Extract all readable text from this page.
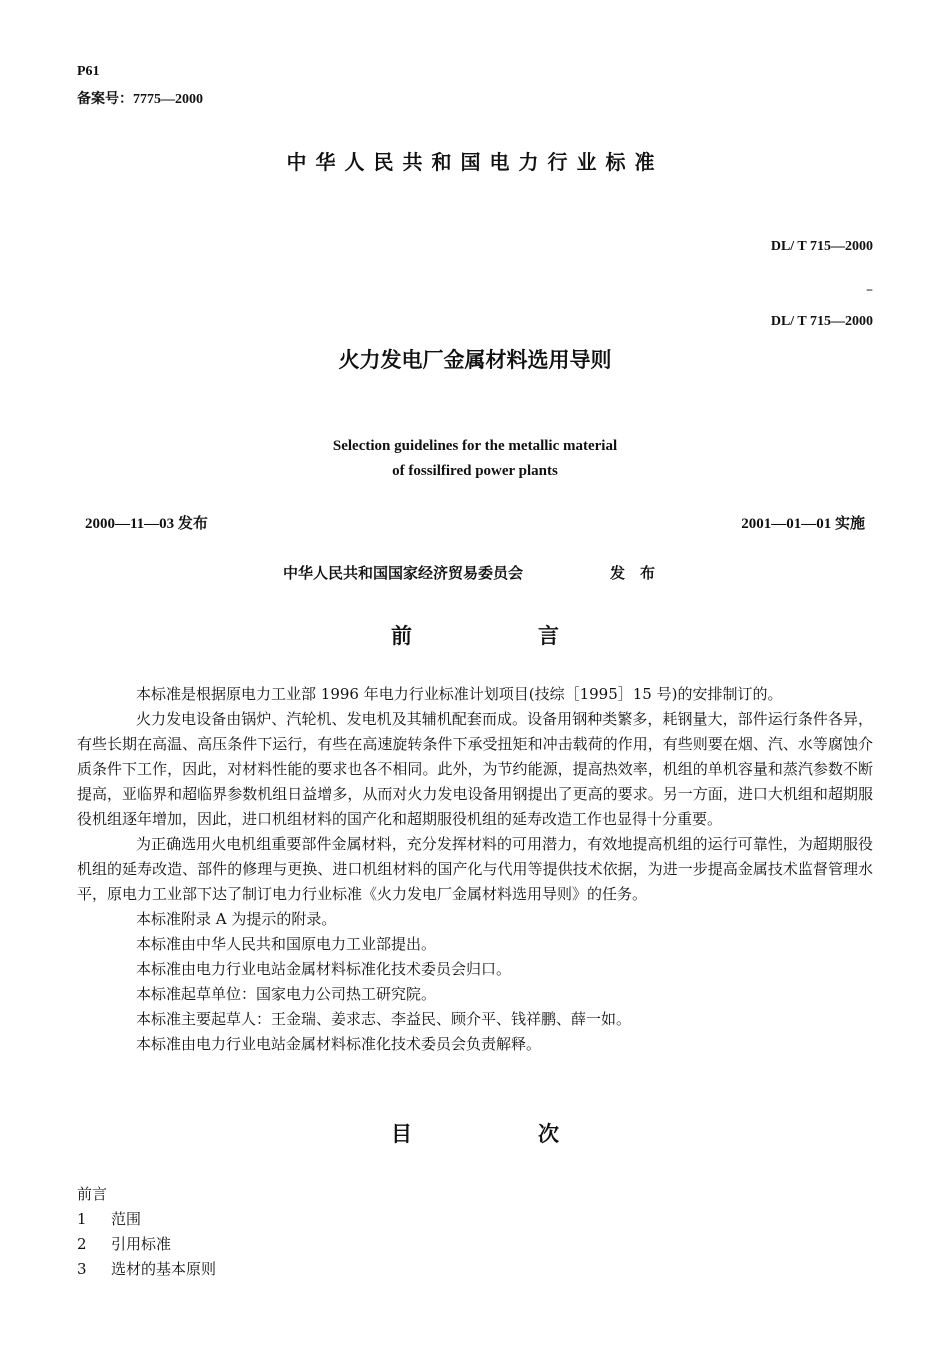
P61
备案号：7775—2000
中华人民共和国电力行业标准
DL/ T 715—2000
–
DL/ T 715—2000
火力发电厂金属材料选用导则
Selection guidelines for the metallic material
of fossilfired power plants
2000—11—03 发布	2001—01—01 实施
中华人民共和国国家经济贸易委员会	发　布
前	言

本标准是根据原电力工业部 1996 年电力行业标准计划项目(技综［1995］15 号)的安排制订的。

火力发电设备由锅炉、汽轮机、发电机及其辅机配套而成。设备用钢种类繁多，耗钢量大，部件运行条件各异，有些长期在高温、高压条件下运行，有些在高速旋转条件下承受扭矩和冲击载荷的作用，有些则要在烟、汽、水等腐蚀介质条件下工作，因此，对材料性能的要求也各不相同。此外，为节约能源，提高热效率，机组的单机容量和蒸汽参数不断提高，亚临界和超临界参数机组日益增多，从而对火力发电设备用钢提出了更高的要求。另一方面，进口大机组和超期服役机组逐年增加，因此，进口机组材料的国产化和超期服役机组的延寿改造工作也显得十分重要。

为正确选用火电机组重要部件金属材料，充分发挥材料的可用潜力，有效地提高机组的运行可靠性，为超期服役机组的延寿改造、部件的修理与更换、进口机组材料的国产化与代用等提供技术依据，为进一步提高金属技术监督管理水平，原电力工业部下达了制订电力行业标准《火力发电厂金属材料选用导则》的任务。

本标准附录 A 为提示的附录。

本标准由中华人民共和国原电力工业部提出。

本标准由电力行业电站金属材料标准化技术委员会归口。

本标准起草单位：国家电力公司热工研究院。

本标准主要起草人：王金瑞、姜求志、李益民、顾介平、钱祥鹏、薛一如。

本标准由电力行业电站金属材料标准化技术委员会负责解释。

目	次
前言
1 范围
2 引用标准
3 选材的基本原则
